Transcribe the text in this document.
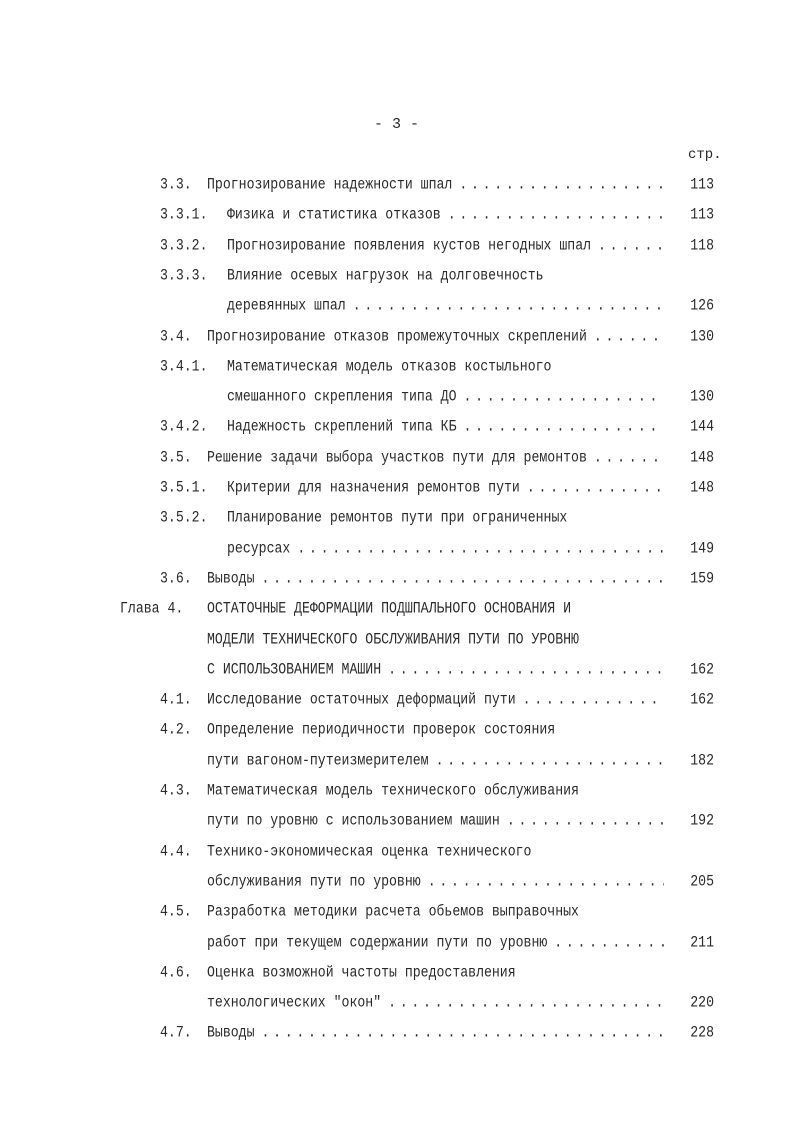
- 3 -
стр.
3.3. Прогнозирование надежности шпал . . .	113
3.3.1. Физика и статистика отказов . . .	113
3.3.2. Прогнозирование появления кустов негодных шпал . . .	118
3.3.3. Влияние осевых нагрузок на долговечность
деревянных шпал . . .	126
3.4. Прогнозирование отказов промежуточных скреплений . . .	130
3.4.1. Математическая модель отказов костыльного
смешанного скрепления типа ДО . . .	130
3.4.2. Надежность скреплений типа КБ . . .	144
3.5. Решение задачи выбора участков пути для ремонтов . . .	148
3.5.1. Критерии для назначения ремонтов пути . . .	148
3.5.2. Планирование ремонтов пути при ограниченных
ресурсах . . .	149
3.6. Выводы . . .	159
Глава 4. ОСТАТОЧНЫЕ ДЕФОРМАЦИИ ПОДШПАЛЬНОГО ОСНОВАНИЯ И
МОДЕЛИ ТЕХНИЧЕСКОГО ОБСЛУЖИВАНИЯ ПУТИ ПО УРОВНЮ
С ИСПОЛЬЗОВАНИЕМ МАШИН . . .	162
4.1. Исследование остаточных деформаций пути . . .	162
4.2. Определение периодичности проверок состояния
пути вагоном-путеизмерителем . . .	182
4.3. Математическая модель технического обслуживания
пути по уровню с использованием машин . . .	192
4.4. Технико-экономическая оценка технического
обслуживания пути по уровню . . .	205
4.5. Разработка методики расчета обьемов выправочных
работ при текущем содержании пути по уровню . . .	211
4.6. Оценка возможной частоты предоставления
технологических "окон" . . .	220
4.7. Выводы . . .	228
